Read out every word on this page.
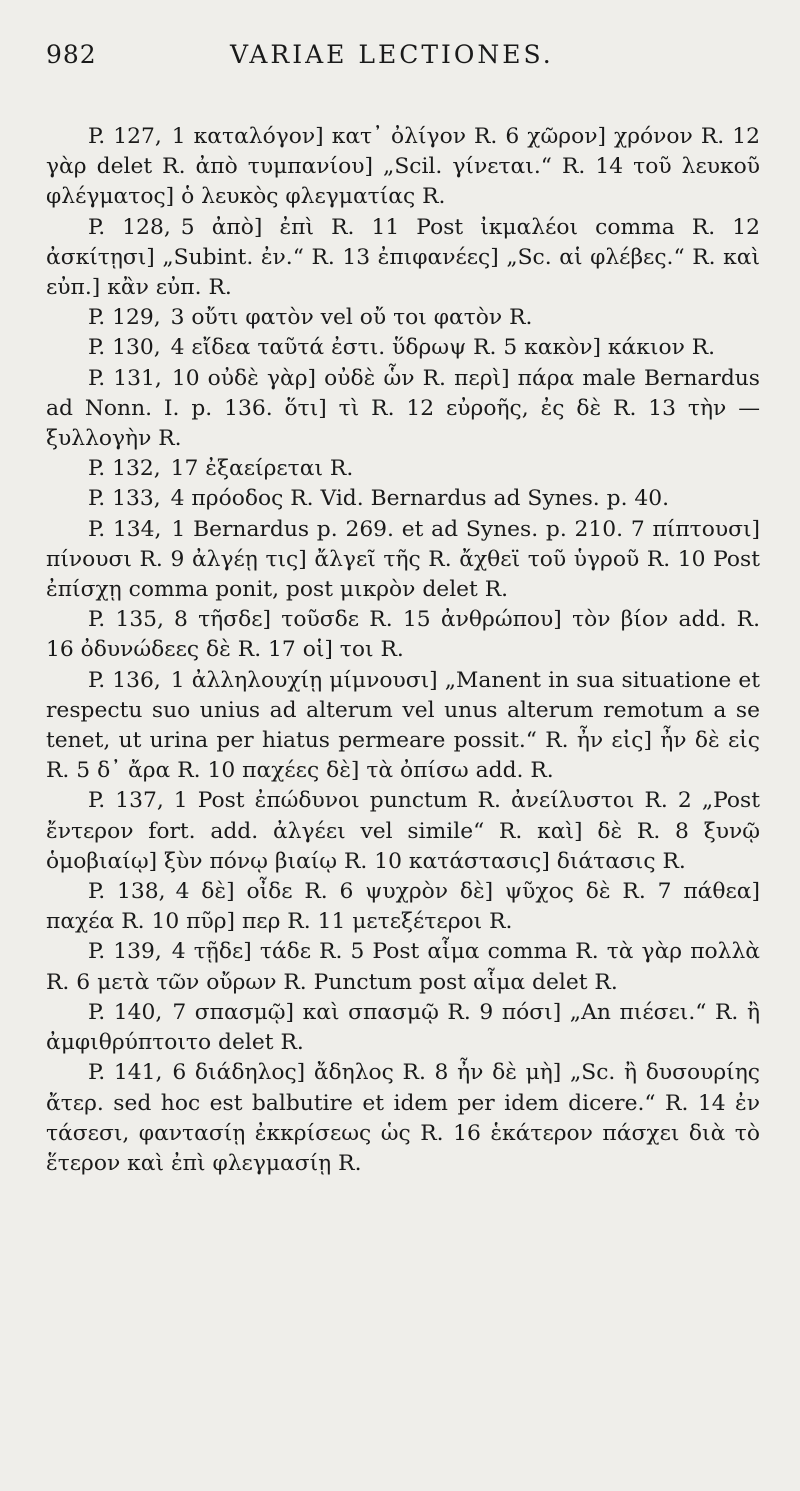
982	VARIAE LECTIONES.

P. 127, 1 καταλόγον] κατ᾽ ὀλίγον R. 6 χῶρον] χρόνον R. 12 γὰρ delet R. ἀπὸ τυμπανίου] „Scil. γίνεται.“ R. 14 τοῦ λευκοῦ φλέγματος] ὁ λευκὸς φλεγματίας R.

P. 128, 5 ἀπὸ] ἐπὶ R. 11 Post ἰκμαλέοι comma R. 12 ἀσκίτῃσι] „Subint. ἐν.“ R. 13 ἐπιφανέες] „Sc. αἱ φλέβες.“ R. καὶ εὐπ.] κἂν εὐπ. R.

P. 129, 3 οὔτι φατὸν vel οὔ τοι φατὸν R.

P. 130, 4 εἴδεα ταῦτά ἐστι. ὕδρωψ R. 5 κακὸν] κάκιον R.

P. 131, 10 οὐδὲ γὰρ] οὐδὲ ὧν R. περὶ] πάρα male Bernardus ad Nonn. I. p. 136. ὅτι] τὶ R. 12 εὐροῆς, ἐς δὲ R. 13 τὴν — ξυλλογὴν R.

P. 132, 17 ἐξαείρεται R.

P. 133, 4 πρόοδος R. Vid. Bernardus ad Synes. p. 40.

P. 134, 1 Bernardus p. 269. et ad Synes. p. 210. 7 πίπτουσι] πίνουσι R. 9 ἀλγέῃ τις] ἄλγεῖ τῆς R. ἄχθεϊ τοῦ ὑγροῦ R. 10 Post ἐπίσχῃ comma ponit, post μικρὸν delet R.

P. 135, 8 τῆσδε] τοῦσδε R. 15 ἀνθρώπου] τὸν βίον add. R. 16 ὀδυνώδεες δὲ R. 17 οἱ] τοι R.

P. 136, 1 ἀλληλουχίῃ μίμνουσι] „Manent in sua situatione et respectu suo unius ad alterum vel unus alterum remotum a se tenet, ut urina per hiatus permeare possit.“ R. ἦν εἰς] ἦν δὲ εἰς R. 5 δ᾽ ἄρα R. 10 παχέες δὲ] τὰ ὀπίσω add. R.

P. 137, 1 Post ἐπώδυνοι punctum R. ἀνείλυστοι R. 2 „Post ἔντερον fort. add. ἀλγέει vel simile“ R. καὶ] δὲ R. 8 ξυνῷ ὁμοβιαίῳ] ξὺν πόνῳ βιαίῳ R. 10 κατάστασις] διάτασις R.

P. 138, 4 δὲ] οἶδε R. 6 ψυχρὸν δὲ] ψῦχος δὲ R. 7 πάθεα] παχέα R. 10 πῦρ] περ R. 11 μετεξέτεροι R.

P. 139, 4 τῇδε] τάδε R. 5 Post αἷμα comma R. τὰ γὰρ πολλὰ R. 6 μετὰ τῶν οὔρων R. Punctum post αἷμα delet R.

P. 140, 7 σπασμῷ] καὶ σπασμῷ R. 9 πόσι] „An πιέσει.“ R. ἢ ἀμφιθρύπτοιτο delet R.

P. 141, 6 διάδηλος] ἄδηλος R. 8 ἦν δὲ μὴ] „Sc. ἢ δυσουρίης ἄτερ. sed hoc est balbutire et idem per idem dicere.“ R. 14 ἐν τάσεσι, φαντασίῃ ἐκκρίσεως ὡς R. 16 ἑκάτερον πάσχει διὰ τὸ ἕτερον καὶ ἐπὶ φλεγμασίῃ R.
